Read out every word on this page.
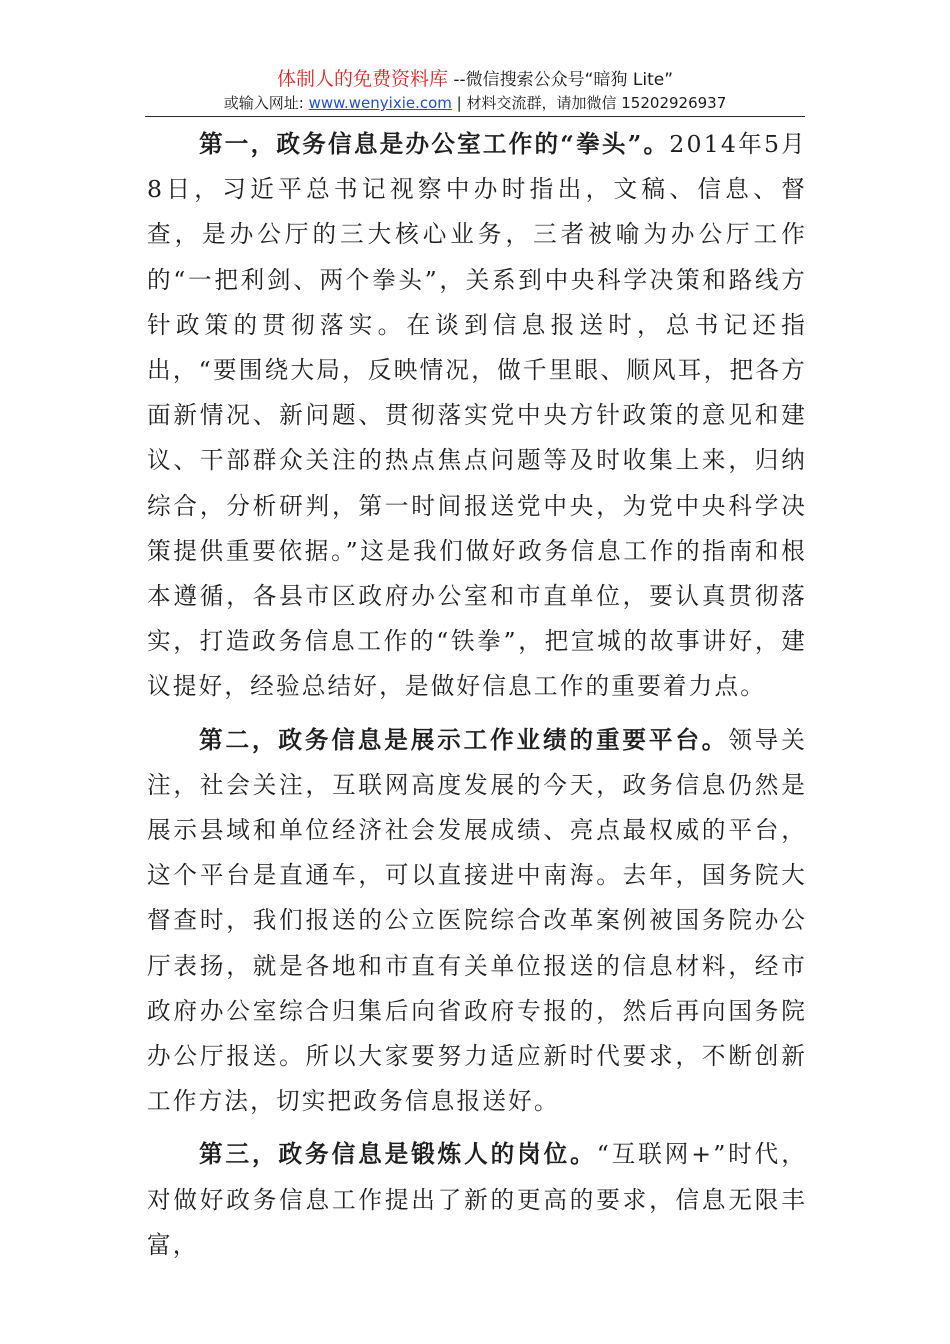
体制人的免费资料库 --微信搜索公众号“暗狗 Lite”
或输入网址: www.wenyixie.com | 材料交流群，请加微信 15202926937

第一，政务信息是办公室工作的“拳头”。2014年5月8日，习近平总书记视察中办时指出，文稿、信息、督查，是办公厅的三大核心业务，三者被喻为办公厅工作的“一把利剑、两个拳头”，关系到中央科学决策和路线方针政策的贯彻落实。在谈到信息报送时，总书记还指出，“要围绕大局，反映情况，做千里眼、顺风耳，把各方面新情况、新问题、贯彻落实党中央方针政策的意见和建议、干部群众关注的热点焦点问题等及时收集上来，归纳综合，分析研判，第一时间报送党中央，为党中央科学决策提供重要依据。”这是我们做好政务信息工作的指南和根本遵循，各县市区政府办公室和市直单位，要认真贯彻落实，打造政务信息工作的“铁拳”，把宣城的故事讲好，建议提好，经验总结好，是做好信息工作的重要着力点。

第二，政务信息是展示工作业绩的重要平台。领导关注，社会关注，互联网高度发展的今天，政务信息仍然是展示县域和单位经济社会发展成绩、亮点最权威的平台，这个平台是直通车，可以直接进中南海。去年，国务院大督查时，我们报送的公立医院综合改革案例被国务院办公厅表扬，就是各地和市直有关单位报送的信息材料，经市政府办公室综合归集后向省政府专报的，然后再向国务院办公厅报送。所以大家要努力适应新时代要求，不断创新工作方法，切实把政务信息报送好。

第三，政务信息是锻炼人的岗位。“互联网+”时代，对做好政务信息工作提出了新的更高的要求，信息无限丰富，
